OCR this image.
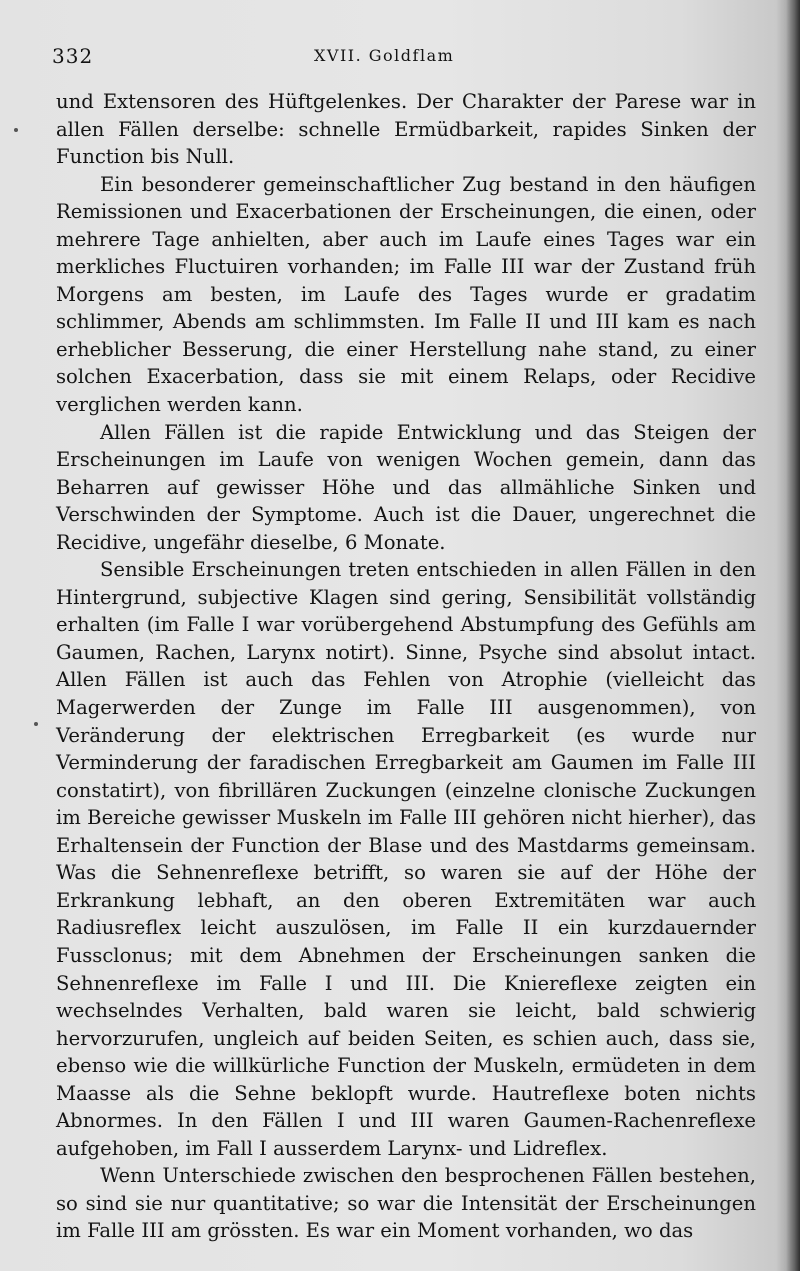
332	XVII. Goldflam

und Extensoren des Hüftgelenkes. Der Charakter der Parese war in allen Fällen derselbe: schnelle Ermüdbarkeit, rapides Sinken der Function bis Null.

Ein besonderer gemeinschaftlicher Zug bestand in den häufigen Remissionen und Exacerbationen der Erscheinungen, die einen, oder mehrere Tage anhielten, aber auch im Laufe eines Tages war ein merkliches Fluctuiren vorhanden; im Falle III war der Zustand früh Morgens am besten, im Laufe des Tages wurde er gradatim schlimmer, Abends am schlimmsten. Im Falle II und III kam es nach erheblicher Besserung, die einer Herstellung nahe stand, zu einer solchen Exacerbation, dass sie mit einem Relaps, oder Recidive verglichen werden kann.

Allen Fällen ist die rapide Entwicklung und das Steigen der Erscheinungen im Laufe von wenigen Wochen gemein, dann das Beharren auf gewisser Höhe und das allmähliche Sinken und Verschwinden der Symptome. Auch ist die Dauer, ungerechnet die Recidive, ungefähr dieselbe, 6 Monate.

Sensible Erscheinungen treten entschieden in allen Fällen in den Hintergrund, subjective Klagen sind gering, Sensibilität vollständig erhalten (im Falle I war vorübergehend Abstumpfung des Gefühls am Gaumen, Rachen, Larynx notirt). Sinne, Psyche sind absolut intact. Allen Fällen ist auch das Fehlen von Atrophie (vielleicht das Magerwerden der Zunge im Falle III ausgenommen), von Veränderung der elektrischen Erregbarkeit (es wurde nur Verminderung der faradischen Erregbarkeit am Gaumen im Falle III constatirt), von fibrillären Zuckungen (einzelne clonische Zuckungen im Bereiche gewisser Muskeln im Falle III gehören nicht hierher), das Erhaltensein der Function der Blase und des Mastdarms gemeinsam. Was die Sehnenreflexe betrifft, so waren sie auf der Höhe der Erkrankung lebhaft, an den oberen Extremitäten war auch Radiusreflex leicht auszulösen, im Falle II ein kurzdauernder Fussclonus; mit dem Abnehmen der Erscheinungen sanken die Sehnenreflexe im Falle I und III. Die Kniereflexe zeigten ein wechselndes Verhalten, bald waren sie leicht, bald schwierig hervorzurufen, ungleich auf beiden Seiten, es schien auch, dass sie, ebenso wie die willkürliche Function der Muskeln, ermüdeten in dem Maasse als die Sehne beklopft wurde. Hautreflexe boten nichts Abnormes. In den Fällen I und III waren Gaumen-Rachenreflexe aufgehoben, im Fall I ausserdem Larynx- und Lidreflex.

Wenn Unterschiede zwischen den besprochenen Fällen bestehen, so sind sie nur quantitative; so war die Intensität der Erscheinungen im Falle III am grössten. Es war ein Moment vorhanden, wo das
